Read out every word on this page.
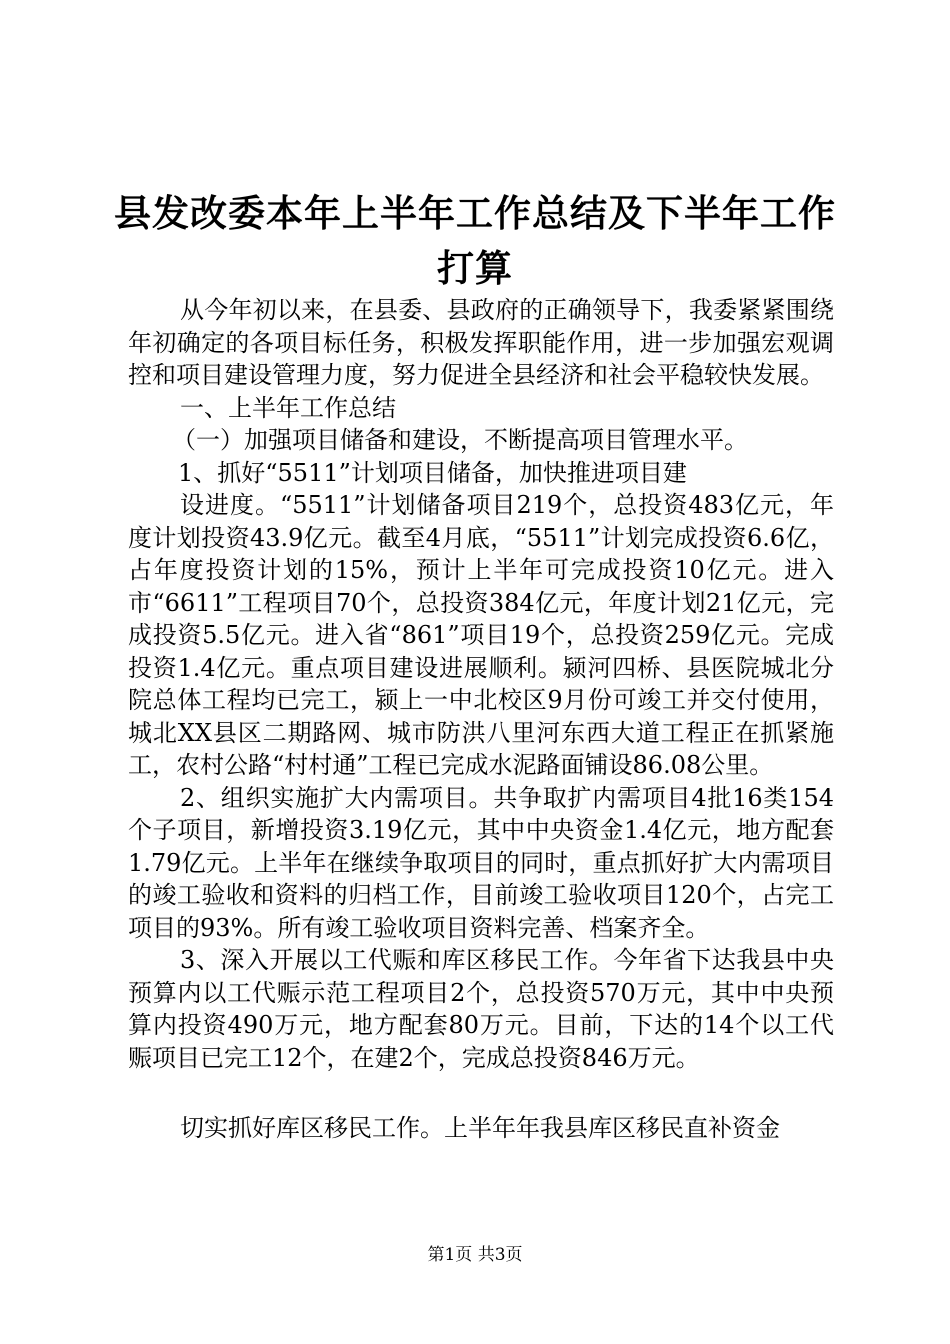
县发改委本年上半年工作总结及下半年工作打算

从今年初以来，在县委、县政府的正确领导下，我委紧紧围绕年初确定的各项目标任务，积极发挥职能作用，进一步加强宏观调控和项目建设管理力度，努力促进全县经济和社会平稳较快发展。

一、上半年工作总结

（一）加强项目储备和建设，不断提高项目管理水平。

1、抓好“5511”计划项目储备，加快推进项目建

设进度。“5511”计划储备项目219个，总投资483亿元，年度计划投资43.9亿元。截至4月底，“5511”计划完成投资6.6亿，占年度投资计划的15%，预计上半年可完成投资10亿元。进入市“6611”工程项目70个，总投资384亿元，年度计划21亿元，完成投资5.5亿元。进入省“861”项目19个，总投资259亿元。完成投资1.4亿元。重点项目建设进展顺利。颍河四桥、县医院城北分院总体工程均已完工，颍上一中北校区9月份可竣工并交付使用，城北XX县区二期路网、城市防洪八里河东西大道工程正在抓紧施工，农村公路“村村通”工程已完成水泥路面铺设86.08公里。

2、组织实施扩大内需项目。共争取扩内需项目4批16类154个子项目，新增投资3.19亿元，其中中央资金1.4亿元，地方配套1.79亿元。上半年在继续争取项目的同时，重点抓好扩大内需项目的竣工验收和资料的归档工作，目前竣工验收项目120个，占完工项目的93%。所有竣工验收项目资料完善、档案齐全。

3、深入开展以工代赈和库区移民工作。今年省下达我县中央预算内以工代赈示范工程项目2个，总投资570万元，其中中央预算内投资490万元，地方配套80万元。目前，下达的14个以工代赈项目已完工12个，在建2个，完成总投资846万元。

切实抓好库区移民工作。上半年年我县库区移民直补资金

第1页 共3页
